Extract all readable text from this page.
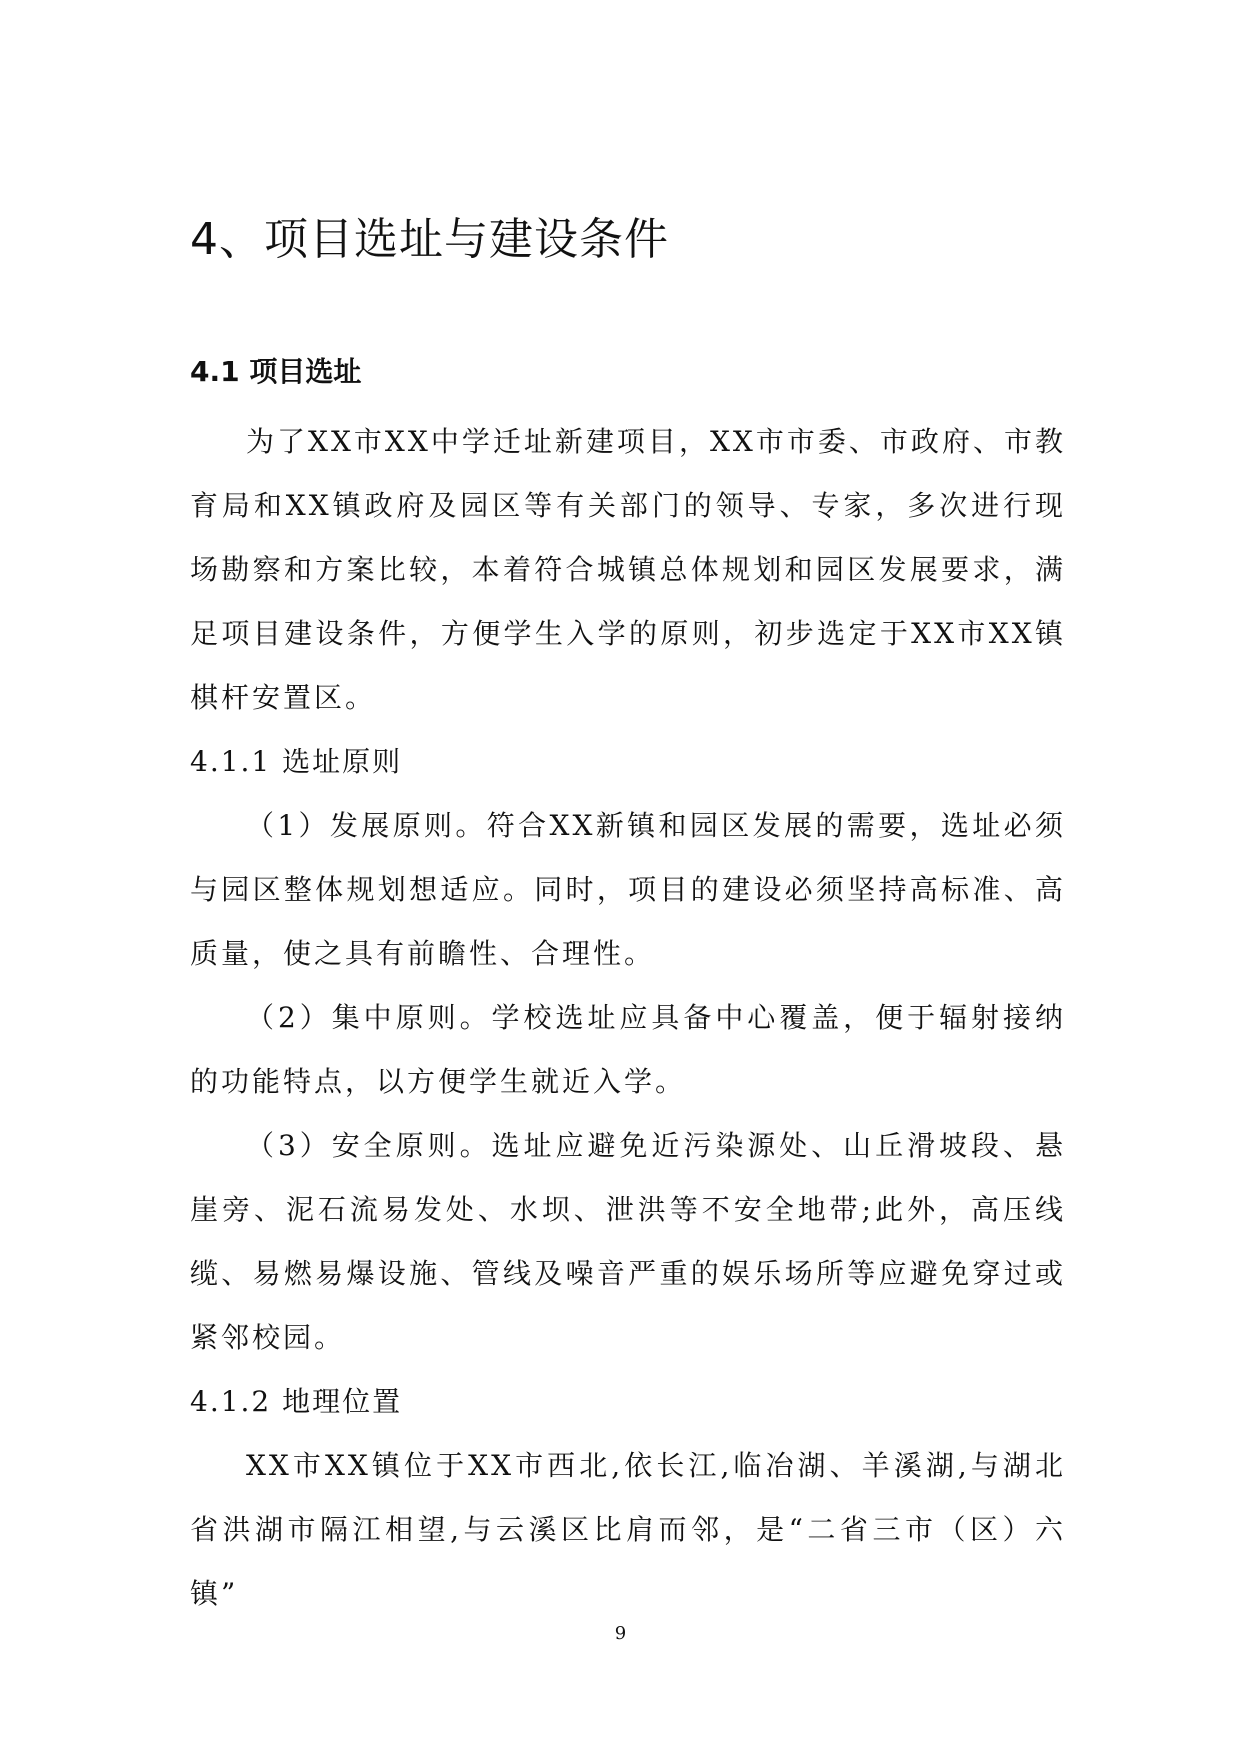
4、项目选址与建设条件
4.1 项目选址

为了XX市XX中学迁址新建项目，XX市市委、市政府、市教育局和XX镇政府及园区等有关部门的领导、专家，多次进行现场勘察和方案比较，本着符合城镇总体规划和园区发展要求，满足项目建设条件，方便学生入学的原则，初步选定于XX市XX镇棋杆安置区。

4.1.1 选址原则

（1）发展原则。符合XX新镇和园区发展的需要，选址必须与园区整体规划想适应。同时，项目的建设必须坚持高标准、高质量，使之具有前瞻性、合理性。

（2）集中原则。学校选址应具备中心覆盖，便于辐射接纳的功能特点，以方便学生就近入学。

（3）安全原则。选址应避免近污染源处、山丘滑坡段、悬崖旁、泥石流易发处、水坝、泄洪等不安全地带;此外，高压线缆、易燃易爆设施、管线及噪音严重的娱乐场所等应避免穿过或紧邻校园。

4.1.2 地理位置

XX市XX镇位于XX市西北,依长江,临冶湖、羊溪湖,与湖北省洪湖市隔江相望,与云溪区比肩而邻，是“二省三市（区）六镇”

9
